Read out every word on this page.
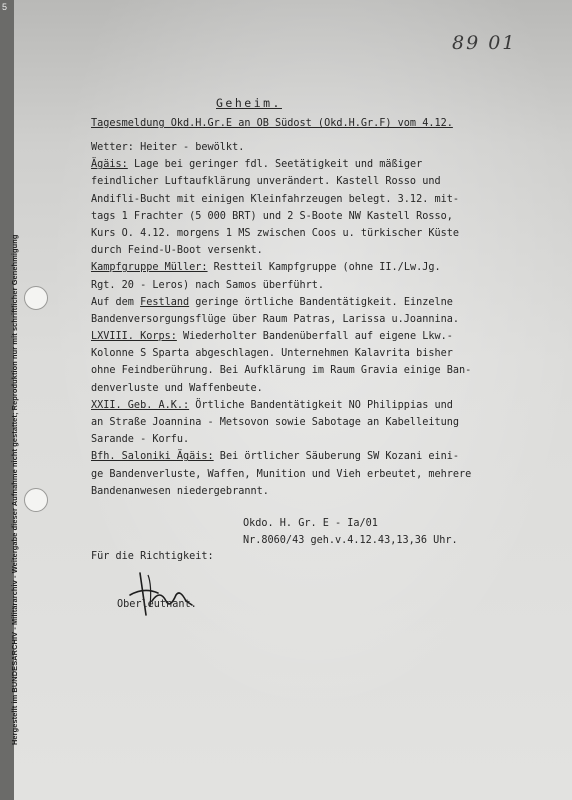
5
Hergestellt im BUNDESARCHIV - Militärarchiv - Weitergabe dieser Aufnahme nicht gestattet; Reproduktion nur mit schriftlicher Genehmigung
89 01
Geheim.
Tagesmeldung Okd.H.Gr.E an OB Südost (Okd.H.Gr.F) vom 4.12.
Wetter: Heiter - bewölkt.
Ägäis: Lage bei geringer fdl. Seetätigkeit und mäßiger
feindlicher Luftaufklärung unverändert. Kastell Rosso und
Andifli-Bucht mit einigen Kleinfahrzeugen belegt. 3.12. mit-
tags 1 Frachter (5 000 BRT) und 2 S-Boote NW Kastell Rosso,
Kurs O. 4.12. morgens 1 MS zwischen Coos u. türkischer Küste
durch Feind-U-Boot versenkt.
Kampfgruppe Müller: Restteil Kampfgruppe (ohne II./Lw.Jg.
Rgt. 20 - Leros) nach Samos überführt.
Auf dem Festland geringe örtliche Bandentätigkeit. Einzelne
Bandenversorgungsflüge über Raum Patras, Larissa u.Joannina.
LXVIII. Korps: Wiederholter Bandenüberfall auf eigene Lkw.-
Kolonne S Sparta abgeschlagen. Unternehmen Kalavrita bisher
ohne Feindberührung. Bei Aufklärung im Raum Gravia einige Ban-
denverluste und Waffenbeute.
XXII. Geb. A.K.: Örtliche Bandentätigkeit NO Philippias und
an Straße Joannina - Metsovon sowie Sabotage an Kabelleitung
Sarande - Korfu.
Bfh. Saloniki Ägäis: Bei örtlicher Säuberung SW Kozani eini-
ge Bandenverluste, Waffen, Munition und Vieh erbeutet, mehrere
Bandenanwesen niedergebrannt.
Okdo. H. Gr. E - Ia/01
Nr.8060/43 geh.v.4.12.43,13,36 Uhr.
Für die Richtigkeit:
Oberleutnant.
